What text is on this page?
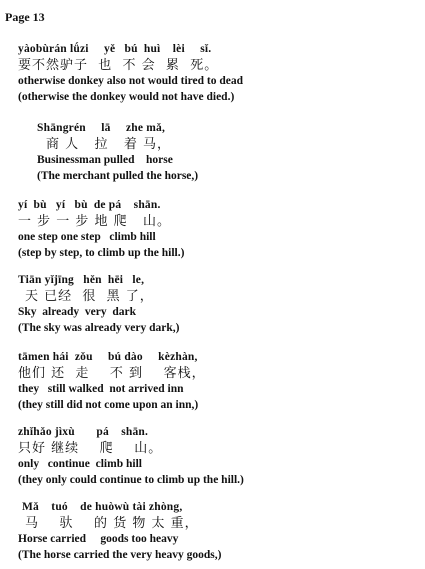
Page 13
yàobùrán lǘzi     yě   bú  huì    lèi     sǐ.
要不然驴子  也  不 会  累  死。
otherwise donkey also not would tired to dead
(otherwise the donkey would not have died.)
Shāngrén     lā     zhe mǎ,
商 人   拉   着 马，
Businessman pulled    horse
(The merchant pulled the horse,)
yí  bù   yí   bù  de pá    shān.
一 步 一 步 地 爬   山。
one step one step   climb hill
(step by step, to climb up the hill.)
Tiān yǐjīng   hěn  hēi   le,
天 已经  很  黑 了，
Sky  already  very  dark
(The sky was already very dark,)
tāmen hái  zǒu     bú dào     kèzhàn,
他们 还  走    不 到    客栈，
they   still walked  not arrived inn
(they still did not come upon an inn,)
zhǐhǎo jìxù       pá    shān.
只好 继续    爬    山。
only   continue  climb hill
(they only could continue to climb up the hill.)
Mǎ    tuó    de huòwù tài zhòng,
马    驮    的 货 物 太 重，
Horse carried     goods too heavy
(The horse carried the very heavy goods,)
